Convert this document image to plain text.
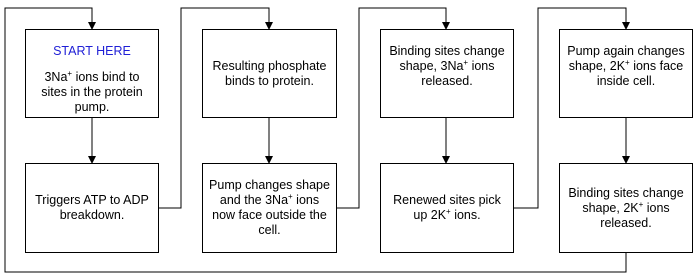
START HERE
3Na+ ions bind to sites in the protein pump.
Triggers ATP to ADP breakdown.
Resulting phosphate binds to protein.
Pump changes shape and the 3Na+ ions now face outside the cell.
Binding sites change shape, 3Na+ ions released.
Renewed sites pick up 2K+ ions.
Pump again changes shape, 2K+ ions face inside cell.
Binding sites change shape, 2K+ ions released.
